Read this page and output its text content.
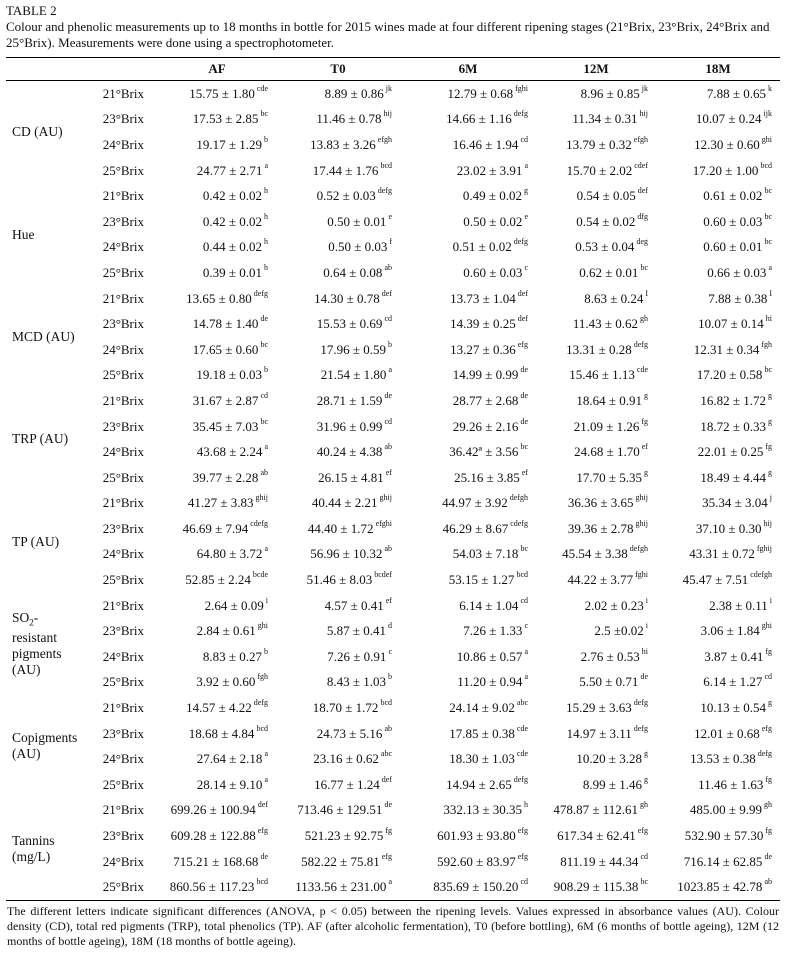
TABLE 2
Colour and phenolic measurements up to 18 months in bottle for 2015 wines made at four different ripening stages (21°Brix, 23°Brix, 24°Brix and 25°Brix). Measurements were done using a spectrophotometer.
		AF	T0	6M	12M	18M
CD (AU)	21°Brix	15.75 ± 1.80 $^{cde}$	8.89 ± 0.86 $^{jk}$	12.79 ± 0.68 $^{fghi}$	8.96 ± 0.85 $^{jk}$	7.88 ± 0.65 $^k$
	23°Brix	17.53 ± 2.85 $^{bc}$	11.46 ± 0.78 $^{hij}$	14.66 ± 1.16 $^{defg}$	11.34 ± 0.31 $^{hij}$	10.07 ± 0.24 $^{ijk}$
	24°Brix	19.17 ± 1.29 $^b$	13.83 ± 3.26 $^{efgh}$	16.46 ± 1.94 $^{cd}$	13.79 ± 0.32 $^{efgh}$	12.30 ± 0.60 $^{ghi}$
	25°Brix	24.77 ± 2.71 $^a$	17.44 ± 1.76 $^{bcd}$	23.02 ± 3.91 $^a$	15.70 ± 2.02 $^{cdef}$	17.20 ± 1.00 $^{bcd}$
Hue	21°Brix	0.42 ± 0.02 $^h$	0.52 ± 0.03 $^{defg}$	0.49 ± 0.02 $^g$	0.54 ± 0.05 $^{def}$	0.61 ± 0.02 $^{bc}$
	23°Brix	0.42 ± 0.02 $^h$	0.50 ± 0.01 $^e$	0.50 ± 0.02 $^e$	0.54 ± 0.02 $^{dfg}$	0.60 ± 0.03 $^{bc}$
	24°Brix	0.44 ± 0.02 $^h$	0.50 ± 0.03 $^f$	0.51 ± 0.02 $^{defg}$	0.53 ± 0.04 $^{deg}$	0.60 ± 0.01 $^{bc}$
	25°Brix	0.39 ± 0.01 $^h$	0.64 ± 0.08 $^{ab}$	0.60 ± 0.03 $^c$	0.62 ± 0.01 $^{bc}$	0.66 ± 0.03 $^a$
MCD (AU)	21°Brix	13.65 ± 0.80 $^{defg}$	14.30 ± 0.78 $^{def}$	13.73 ± 1.04 $^{def}$	8.63 ± 0.24 $^I$	7.88 ± 0.38 $^I$
	23°Brix	14.78 ± 1.40 $^{de}$	15.53 ± 0.69 $^{cd}$	14.39 ± 0.25 $^{def}$	11.43 ± 0.62 $^{gh}$	10.07 ± 0.14 $^{hi}$
	24°Brix	17.65 ± 0.60 $^{bc}$	17.96 ± 0.59 $^b$	13.27 ± 0.36 $^{efg}$	13.31 ± 0.28 $^{defg}$	12.31 ± 0.34 $^{fgh}$
	25°Brix	19.18 ± 0.03 $^b$	21.54 ± 1.80 $^a$	14.99 ± 0.99 $^{de}$	15.46 ± 1.13 $^{cde}$	17.20 ± 0.58 $^{bc}$
TRP (AU)	21°Brix	31.67 ± 2.87 $^{cd}$	28.71 ± 1.59 $^{de}$	28.77 ± 2.68 $^{de}$	18.64 ± 0.91 $^g$	16.82 ± 1.72 $^g$
	23°Brix	35.45 ± 7.03 $^{bc}$	31.96 ± 0.99 $^{cd}$	29.26 ± 2.16 $^{de}$	21.09 ± 1.26 $^{fg}$	18.72 ± 0.33 $^g$
	24°Brix	43.68 ± 2.24 $^a$	40.24 ± 4.38 $^{ab}$	36.42ª ± 3.56 $^{bc}$	24.68 ± 1.70 $^{ef}$	22.01 ± 0.25 $^{fg}$
	25°Brix	39.77 ± 2.28 $^{ab}$	26.15 ± 4.81 $^{ef}$	25.16 ± 3.85 $^{ef}$	17.70 ± 5.35 $^g$	18.49 ± 4.44 $^g$
TP (AU)	21°Brix	41.27 ± 3.83 $^{ghij}$	40.44 ± 2.21 $^{ghij}$	44.97 ± 3.92 $^{defgh}$	36.36 ± 3.65 $^{ghij}$	35.34 ± 3.04 $^j$
	23°Brix	46.69 ± 7.94 $^{cdefg}$	44.40 ± 1.72 $^{efghi}$	46.29 ± 8.67 $^{cdefg}$	39.36 ± 2.78 $^{ghij}$	37.10 ± 0.30 $^{hij}$
	24°Brix	64.80 ± 3.72 $^a$	56.96 ± 10.32 $^{ab}$	54.03 ± 7.18 $^{bc}$	45.54 ± 3.38 $^{defgh}$	43.31 ± 0.72 $^{fghij}$
	25°Brix	52.85 ± 2.24 $^{bcde}$	51.46 ± 8.03 $^{bcdef}$	53.15 ± 1.27 $^{bcd}$	44.22 ± 3.77 $^{fghi}$	45.47 ± 7.51 $^{cdefgh}$

$SO_2-$
resistant
pigments
(AU)	21°Brix	2.64 ± 0.09 $^i$	4.57 ± 0.41 $^{ef}$	6.14 ± 1.04 $^{cd}$	2.02 ± 0.23 $^i$	2.38 ± 0.11 $^i$
	23°Brix	2.84 ± 0.61 $^{ghi}$	5.87 ± 0.41 $^d$	7.26 ± 1.33 $^c$	2.5 ±0.02 $^i$	3.06 ± 1.84 $^{ghi}$
	24°Brix	8.83 ± 0.27 $^b$	7.26 ± 0.91 $^c$	10.86 ± 0.57 $^a$	2.76 ± 0.53 $^{hi}$	3.87 ± 0.41 $^{fg}$
	25°Brix	3.92 ± 0.60 $^{fgh}$	8.43 ± 1.03 $^b$	11.20 ± 0.94 $^a$	5.50 ± 0.71 $^{de}$	6.14 ± 1.27 $^{cd}$

Copigments
(AU)	21°Brix	14.57 ± 4.22 $^{defg}$	18.70 ± 1.72 $^{bcd}$	24.14 ± 9.02 $^{abc}$	15.29 ± 3.63 $^{defg}$	10.13 ± 0.54 $^g$
	23°Brix	18.68 ± 4.84 $^{bcd}$	24.73 ± 5.16 $^{ab}$	17.85 ± 0.38 $^{cde}$	14.97 ± 3.11 $^{defg}$	12.01 ± 0.68 $^{efg}$
	24°Brix	27.64 ± 2.18 $^a$	23.16 ± 0.62 $^{abc}$	18.30 ± 1.03 $^{cde}$	10.20 ± 3.28 $^g$	13.53 ± 0.38 $^{defg}$
	25°Brix	28.14 ± 9.10 $^a$	16.77 ± 1.24 $^{def}$	14.94 ± 2.65 $^{defg}$	8.99 ± 1.46 $^g$	11.46 ± 1.63 $^{fg}$

Tannins
(mg/L)	21°Brix	699.26 ± 100.94 $^{def}$	713.46 ± 129.51 $^{de}$	332.13 ± 30.35 $^h$	478.87 ± 112.61 $^{gh}$	485.00 ± 9.99 $^{gh}$
	23°Brix	609.28 ± 122.88 $^{efg}$	521.23 ± 92.75 $^{fg}$	601.93 ± 93.80 $^{efg}$	617.34 ± 62.41 $^{efg}$	532.90 ± 57.30 $^{fg}$
	24°Brix	715.21 ± 168.68 $^{de}$	582.22 ± 75.81 $^{efg}$	592.60 ± 83.97 $^{efg}$	811.19 ± 44.34 $^{cd}$	716.14 ± 62.85 $^{de}$
	25°Brix	860.56 ± 117.23 $^{bcd}$	1133.56 ± 231.00 $^a$	835.69 ± 150.20 $^{cd}$	908.29 ± 115.38 $^{bc}$	1023.85 ± 42.78 $^{ab}$
The different letters indicate significant differences (ANOVA, p < 0.05) between the ripening levels. Values expressed in absorbance values (AU). Colour density (CD), total red pigments (TRP), total phenolics (TP). AF (after alcoholic fermentation), T0 (before bottling), 6M (6 months of bottle ageing), 12M (12 months of bottle ageing), 18M (18 months of bottle ageing).						
